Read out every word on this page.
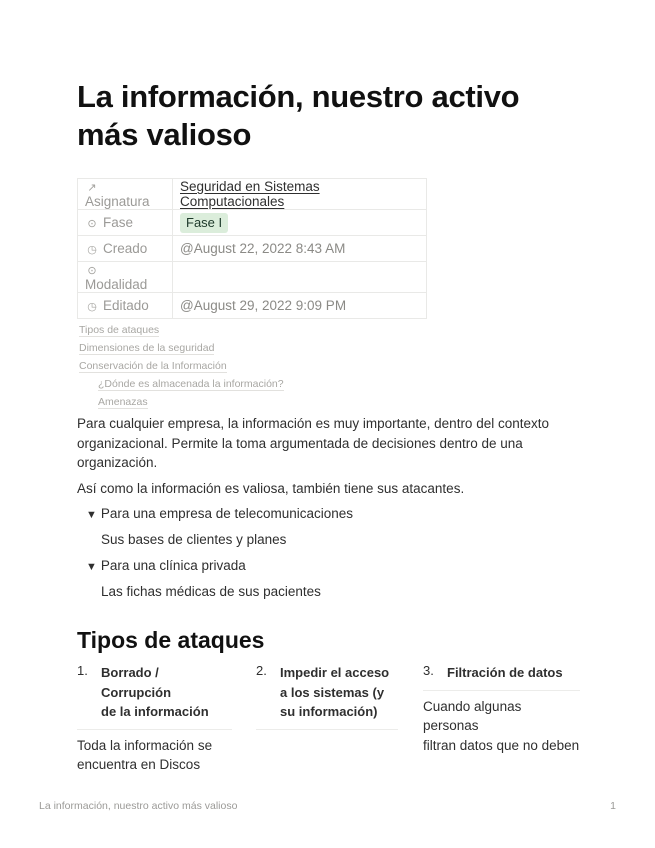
La información, nuestro activo
más valioso
↗Asignatura	Seguridad en Sistemas Computacionales
⊙ Fase	Fase I
◷ Creado	@August 22, 2022 8:43 AM
⊙Modalidad	
◷ Editado	@August 29, 2022 9:09 PM
Tipos de ataques
Dimensiones de la seguridad
Conservación de la Información
¿Dónde es almacenada la información?
Amenazas
Para cualquier empresa, la información es muy importante, dentro del contexto
organizacional. Permite la toma argumentada de decisiones dentro de una
organización.
Así como la información es valiosa, también tiene sus atacantes.
▼ Para una empresa de telecomunicaciones
Sus bases de clientes y planes
▼ Para una clínica privada
Las fichas médicas de sus pacientes
Tipos de ataques
1. Borrado / Corrupción
de la información
Toda la información se
encuentra en Discos
2. Impedir el acceso
a los sistemas (y
su información)
3. Filtración de datos
Cuando algunas personas
filtran datos que no deben
La información, nuestro activo más valioso	1
